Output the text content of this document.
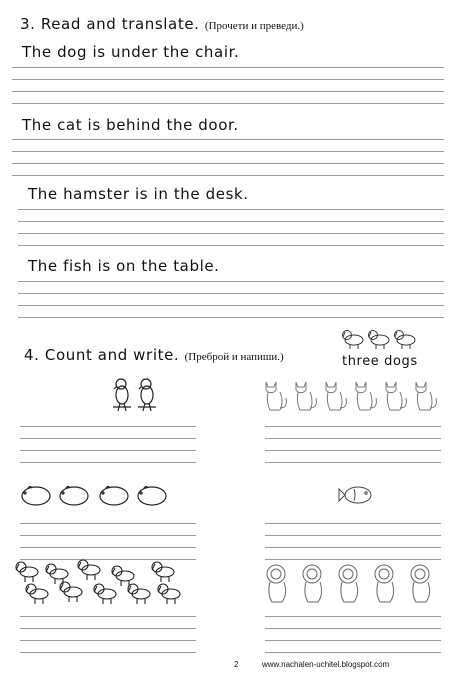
3. Read and translate. (Прочети и преведи.)
The dog is under the chair.
The cat is behind the door.
The hamster is in the desk.
The fish is on the table.
4. Count and write. (Преброй и напиши.)	three dogs
2	www.nachalen-uchitel.blogspot.com
